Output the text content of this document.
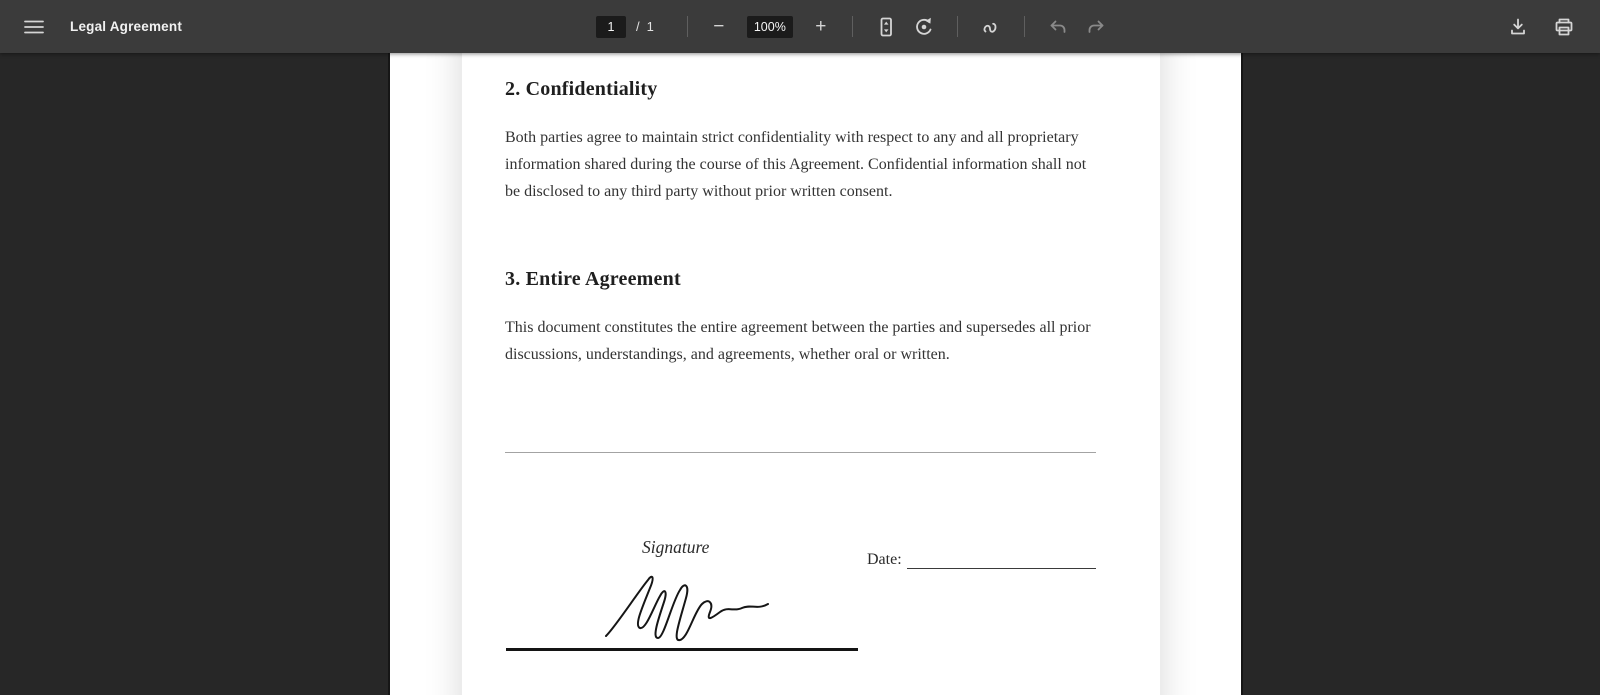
Legal Agreement	1	/ 1	−	100%	+
2. Confidentiality
Both parties agree to maintain strict confidentiality with respect to any and all proprietary information shared during the course of this Agreement. Confidential information shall not be disclosed to any third party without prior written consent.
3. Entire Agreement
This document constitutes the entire agreement between the parties and supersedes all prior discussions, understandings, and agreements, whether oral or written.
Signature
Date:
